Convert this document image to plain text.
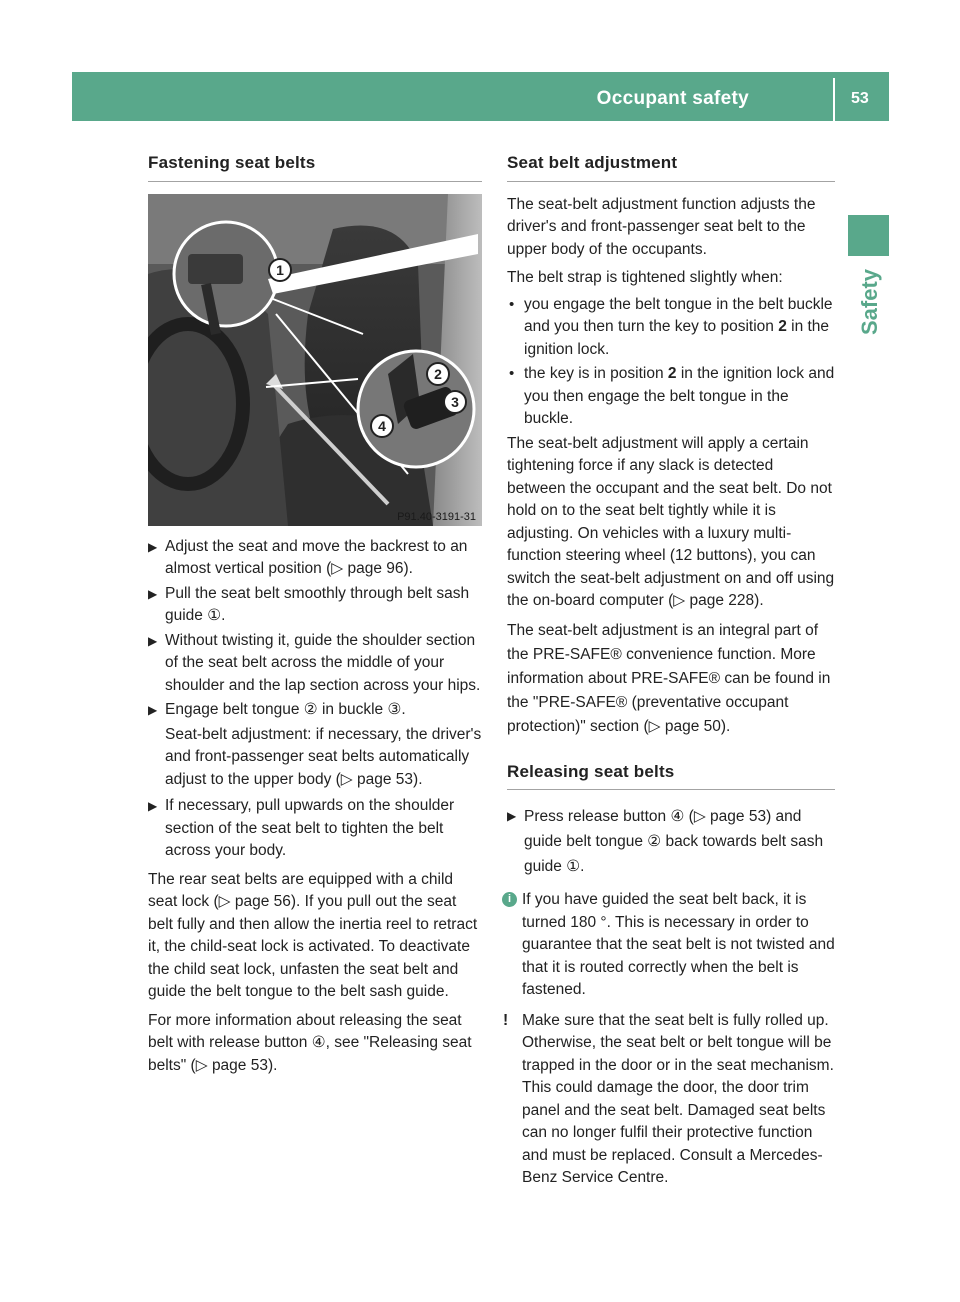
Occupant safety	53
Safety
Fastening seat belts
1
2
3
4
P91.40-3191-31
▶ Adjust the seat and move the backrest to an almost vertical position (▷ page 96).
▶ Pull the seat belt smoothly through belt sash guide ①.
▶ Without twisting it, guide the shoulder section of the seat belt across the middle of your shoulder and the lap section across your hips.
▶ Engage belt tongue ② in buckle ③.
Seat-belt adjustment: if necessary, the driver's and front-passenger seat belts automatically adjust to the upper body (▷ page 53).
▶ If necessary, pull upwards on the shoulder section of the seat belt to tighten the belt across your body.
The rear seat belts are equipped with a child seat lock (▷ page 56). If you pull out the seat belt fully and then allow the inertia reel to retract it, the child-seat lock is activated. To deactivate the child seat lock, unfasten the seat belt and guide the belt tongue to the belt sash guide.
For more information about releasing the seat belt with release button ④, see "Releasing seat belts" (▷ page 53).
Seat belt adjustment
The seat-belt adjustment function adjusts the driver's and front-passenger seat belt to the upper body of the occupants.
The belt strap is tightened slightly when:
• you engage the belt tongue in the belt buckle and you then turn the key to position 2 in the ignition lock.
• the key is in position 2 in the ignition lock and you then engage the belt tongue in the buckle.
The seat-belt adjustment will apply a certain tightening force if any slack is detected between the occupant and the seat belt. Do not hold on to the seat belt tightly while it is adjusting. On vehicles with a luxury multi-function steering wheel (12 buttons), you can switch the seat-belt adjustment on and off using the on-board computer (▷ page 228).
The seat-belt adjustment is an integral part of the PRE-SAFE® convenience function. More information about PRE-SAFE® can be found in the "PRE-SAFE® (preventative occupant protection)" section (▷ page 50).
Releasing seat belts
▶ Press release button ④ (▷ page 53) and guide belt tongue ② back towards belt sash guide ①.
i If you have guided the seat belt back, it is turned 180 °. This is necessary in order to guarantee that the seat belt is not twisted and that it is routed correctly when the belt is fastened.
! Make sure that the seat belt is fully rolled up. Otherwise, the seat belt or belt tongue will be trapped in the door or in the seat mechanism. This could damage the door, the door trim panel and the seat belt. Damaged seat belts can no longer fulfil their protective function and must be replaced. Consult a Mercedes-Benz Service Centre.
